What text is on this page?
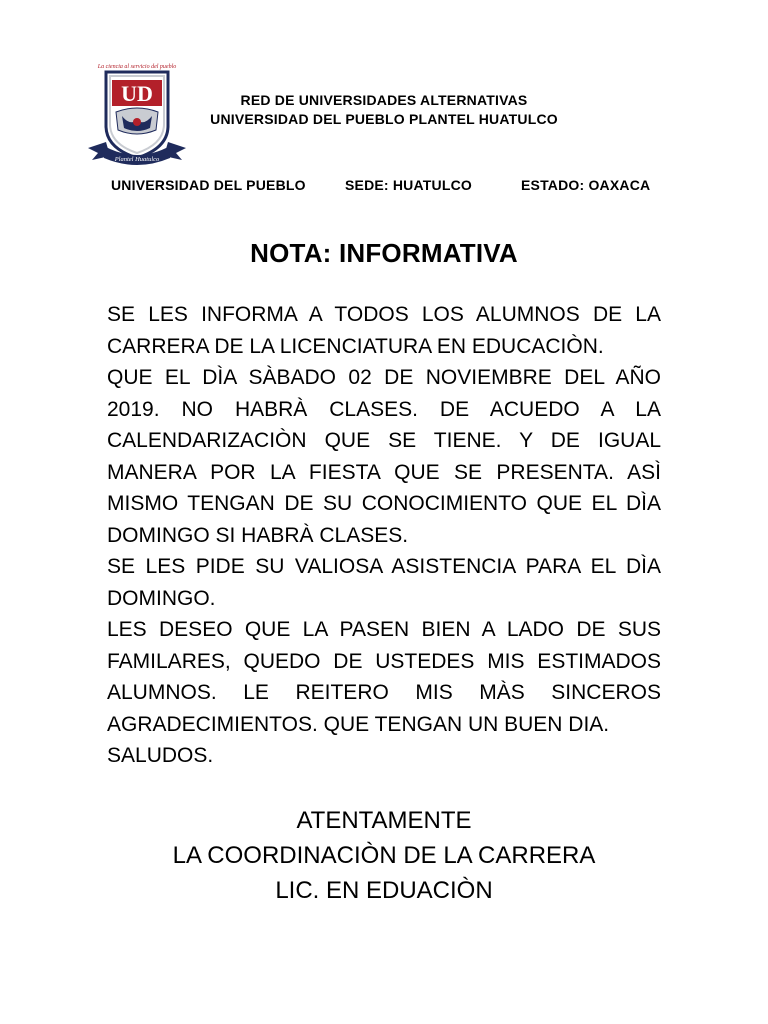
La ciencia al servicio del pueblo
UD
Plantel Huatulco
RED DE UNIVERSIDADES ALTERNATIVAS
UNIVERSIDAD DEL PUEBLO PLANTEL HUATULCO
UNIVERSIDAD DEL PUEBLO	SEDE: HUATULCO	ESTADO: OAXACA
NOTA: INFORMATIVA

SE LES INFORMA A TODOS LOS ALUMNOS DE LA CARRERA DE LA LICENCIATURA EN EDUCACIÒN.

QUE EL DÌA SÀBADO 02 DE NOVIEMBRE DEL AÑO 2019. NO HABRÀ CLASES. DE ACUEDO A LA CALENDARIZACIÒN QUE SE TIENE. Y DE IGUAL MANERA POR LA FIESTA QUE SE PRESENTA. ASÌ MISMO TENGAN DE SU CONOCIMIENTO QUE EL DÌA DOMINGO SI HABRÀ CLASES.

SE LES PIDE SU VALIOSA ASISTENCIA PARA EL DÌA DOMINGO.

LES DESEO QUE LA PASEN BIEN A LADO DE SUS FAMILARES, QUEDO DE USTEDES MIS ESTIMADOS ALUMNOS. LE REITERO MIS MÀS SINCEROS AGRADECIMIENTOS. QUE TENGAN UN BUEN DIA.

SALUDOS.

ATENTAMENTE
LA COORDINACIÒN DE LA CARRERA
LIC. EN EDUACIÒN
